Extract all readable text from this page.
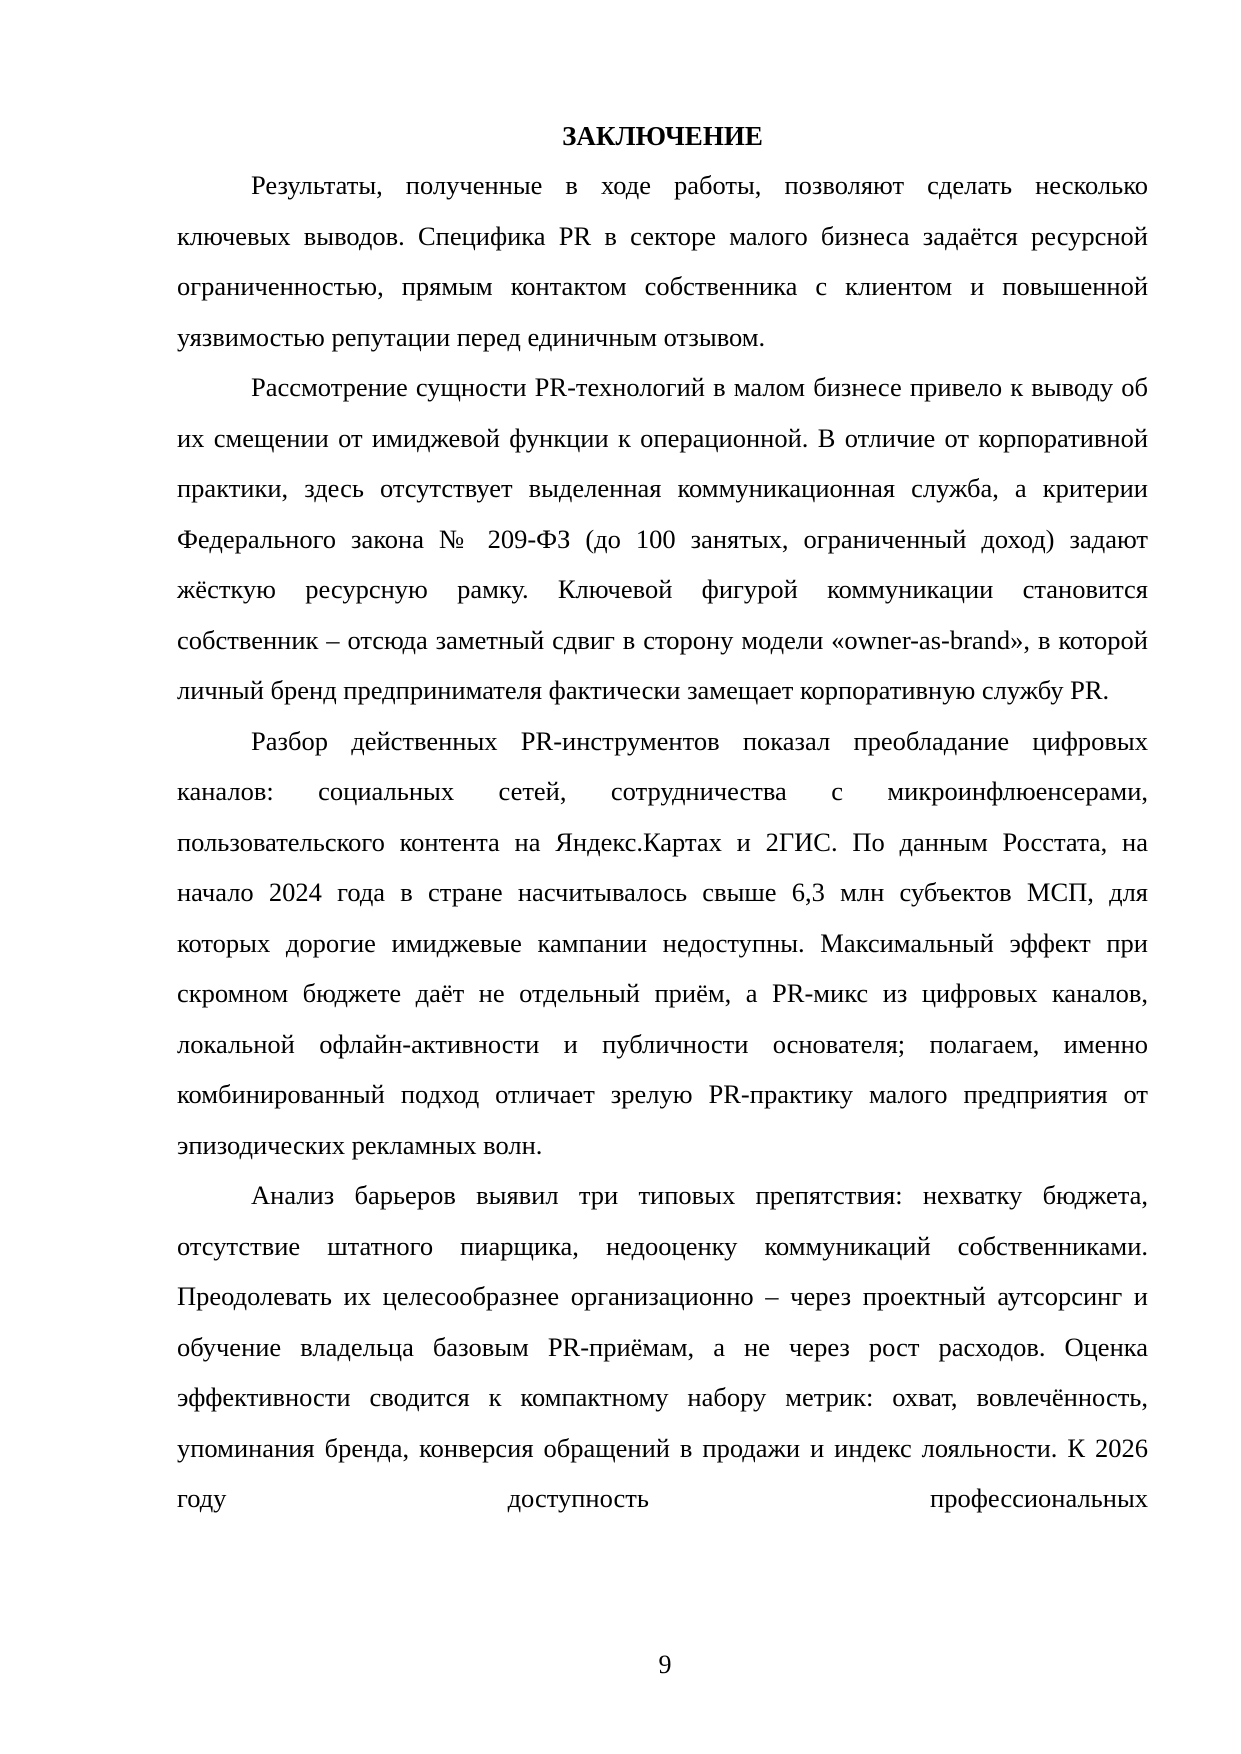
ЗАКЛЮЧЕНИЕ

Результаты, полученные в ходе работы, позволяют сделать несколько ключевых выводов. Специфика PR в секторе малого бизнеса задаётся ресурсной ограниченностью, прямым контактом собственника с клиентом и повышенной уязвимостью репутации перед единичным отзывом.

Рассмотрение сущности PR-технологий в малом бизнесе привело к выводу об их смещении от имиджевой функции к операционной. В отличие от корпоративной практики, здесь отсутствует выделенная коммуникационная служба, а критерии Федерального закона № 209-ФЗ (до 100 занятых, ограниченный доход) задают жёсткую ресурсную рамку. Ключевой фигурой коммуникации становится собственник – отсюда заметный сдвиг в сторону модели «owner-as-brand», в которой личный бренд предпринимателя фактически замещает корпоративную службу PR.

Разбор действенных PR-инструментов показал преобладание цифровых каналов: социальных сетей, сотрудничества с микроинфлюенсерами, пользовательского контента на Яндекс.Картах и 2ГИС. По данным Росстата, на начало 2024 года в стране насчитывалось свыше 6,3 млн субъектов МСП, для которых дорогие имиджевые кампании недоступны. Максимальный эффект при скромном бюджете даёт не отдельный приём, а PR-микс из цифровых каналов, локальной офлайн-активности и публичности основателя; полагаем, именно комбинированный подход отличает зрелую PR-практику малого предприятия от эпизодических рекламных волн.

Анализ барьеров выявил три типовых препятствия: нехватку бюджета, отсутствие штатного пиарщика, недооценку коммуникаций собственниками. Преодолевать их целесообразнее организационно – через проектный аутсорсинг и обучение владельца базовым PR-приёмам, а не через рост расходов. Оценка эффективности сводится к компактному набору метрик: охват, вовлечённость, упоминания бренда, конверсия обращений в продажи и индекс лояльности. К 2026 году доступность профессиональных

9
